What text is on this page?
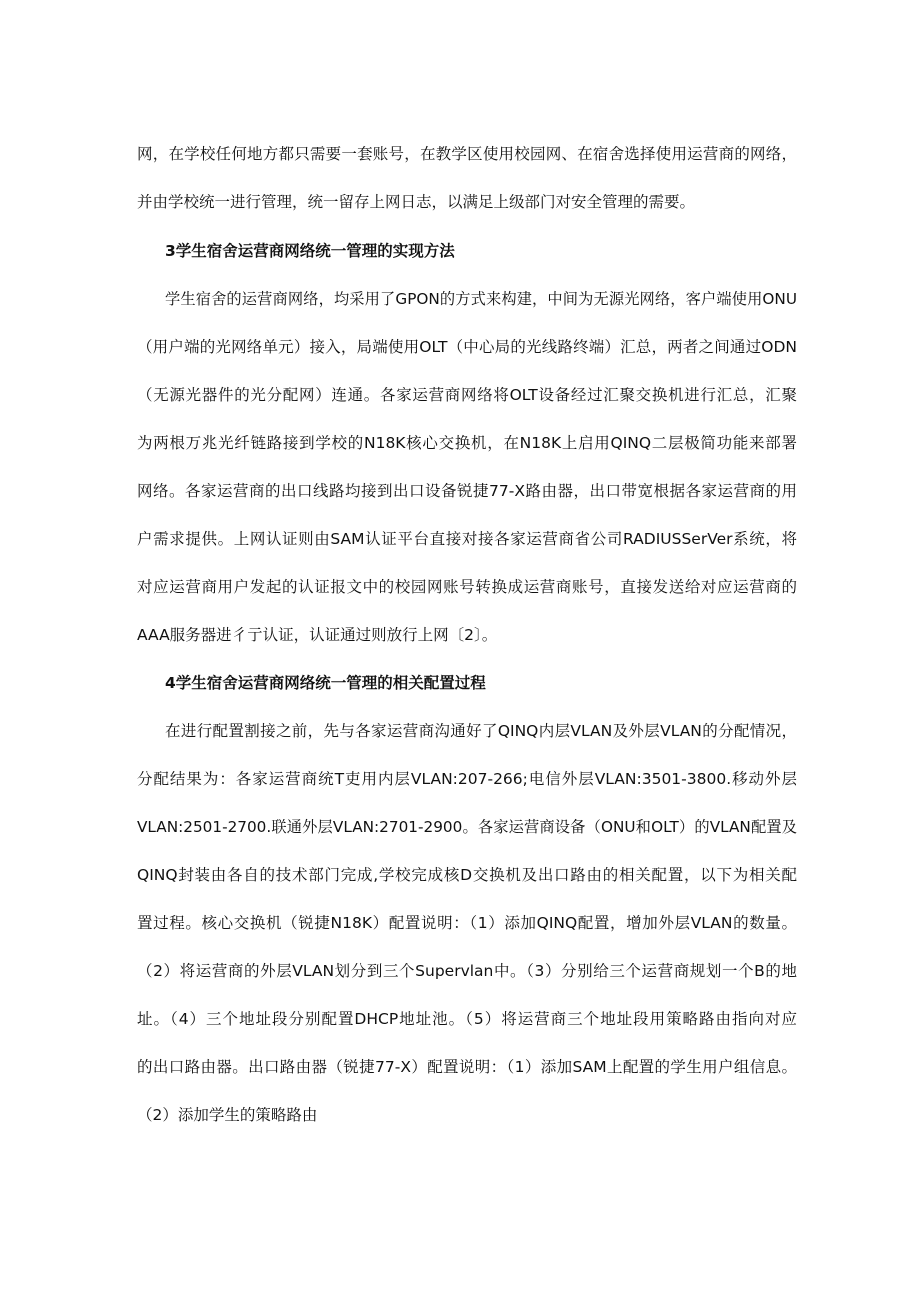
网，在学校任何地方都只需要一套账号，在教学区使用校园网、在宿舍选择使用运营商的网络，
并由学校统一进行管理，统一留存上网日志，以满足上级部门对安全管理的需要。
3学生宿舍运营商网络统一管理的实现方法
学生宿舍的运营商网络，均采用了GPON的方式来构建，中间为无源光网络，客户端使用ONU
（用户端的光网络单元）接入，局端使用OLT（中心局的光线路终端）汇总，两者之间通过ODN
（无源光器件的光分配网）连通。各家运营商网络将OLT设备经过汇聚交换机进行汇总，汇聚
为两根万兆光纤链路接到学校的N18K核心交换机，在N18K上启用QINQ二层极简功能来部署
网络。各家运营商的出口线路均接到出口设备锐捷77-X路由器，出口带宽根据各家运营商的用
户需求提供。上网认证则由SAM认证平台直接对接各家运营商省公司RADIUSSerVer系统，将
对应运营商用户发起的认证报文中的校园网账号转换成运营商账号，直接发送给对应运营商的
AAA服务器进彳亍认证，认证通过则放行上网〔2〕。
4学生宿舍运营商网络统一管理的相关配置过程
在进行配置割接之前，先与各家运营商沟通好了QINQ内层VLAN及外层VLAN的分配情况，
分配结果为：各家运营商统T吏用内层VLAN:207-266;电信外层VLAN:3501-3800.移动外层
VLAN:2501-2700.联通外层VLAN:2701-2900。各家运营商设备（ONU和OLT）的VLAN配置及
QINQ封装由各自的技术部门完成,学校完成核D交换机及出口路由的相关配置，以下为相关配
置过程。核心交换机（锐捷N18K）配置说明：（1）添加QINQ配置，增加外层VLAN的数量。
（2）将运营商的外层VLAN划分到三个Supervlan中。（3）分别给三个运营商规划一个B的地
址。（4）三个地址段分别配置DHCP地址池。（5）将运营商三个地址段用策略路由指向对应
的出口路由器。出口路由器（锐捷77-X）配置说明：（1）添加SAM上配置的学生用户组信息。
（2）添加学生的策略路由
